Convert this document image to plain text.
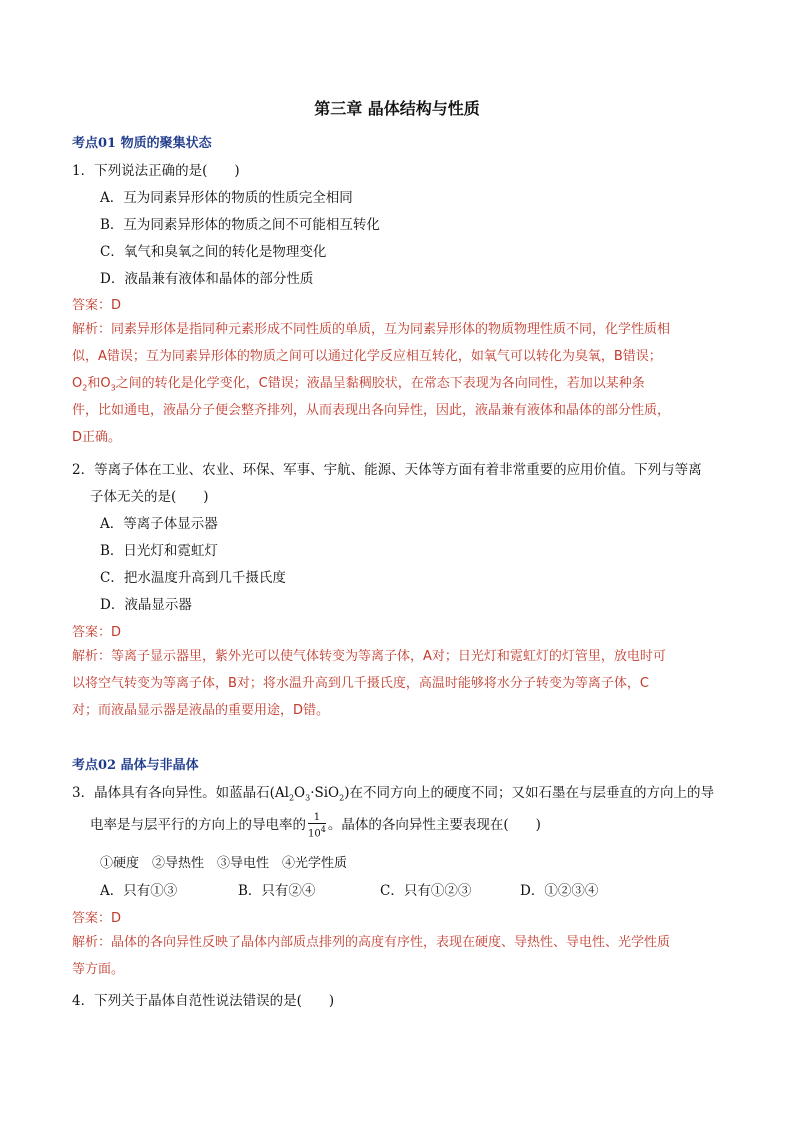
第三章 晶体结构与性质
考点01 物质的聚集状态
1．下列说法正确的是(　　)
A．互为同素异形体的物质的性质完全相同
B．互为同素异形体的物质之间不可能相互转化
C．氧气和臭氧之间的转化是物理变化
D．液晶兼有液体和晶体的部分性质
答案：D
解析：同素异形体是指同种元素形成不同性质的单质，互为同素异形体的物质物理性质不同，化学性质相
似，A错误；互为同素异形体的物质之间可以通过化学反应相互转化，如氧气可以转化为臭氧，B错误；
$O_2$和$O_3$之间的转化是化学变化，C错误；液晶呈黏稠胶状，在常态下表现为各向同性，若加以某种条
件，比如通电，液晶分子便会整齐排列，从而表现出各向异性，因此，液晶兼有液体和晶体的部分性质，
D正确。
2．等离子体在工业、农业、环保、军事、宇航、能源、天体等方面有着非常重要的应用价值。下列与等离
子体无关的是(　　)
A．等离子体显示器
B．日光灯和霓虹灯
C．把水温度升高到几千摄氏度
D．液晶显示器
答案：D
解析：等离子显示器里，紫外光可以使气体转变为等离子体，A对；日光灯和霓虹灯的灯管里，放电时可
以将空气转变为等离子体，B对；将水温升高到几千摄氏度，高温时能够将水分子转变为等离子体，C
对；而液晶显示器是液晶的重要用途，D错。
考点02 晶体与非晶体
3．晶体具有各向异性。如蓝晶石$(Al_2O_3\cdot SiO_2)$在不同方向上的硬度不同；又如石墨在与层垂直的方向上的导
电率是与层平行的方向上的导电率的 $\frac{1}{10^4}$ 。晶体的各向异性主要表现在(　　)
①硬度　②导热性　③导电性　④光学性质
A．只有①③	B．只有②④	C．只有①②③	D．①②③④
答案：D
解析：晶体的各向异性反映了晶体内部质点排列的高度有序性，表现在硬度、导热性、导电性、光学性质
等方面。
4．下列关于晶体自范性说法错误的是(　　)
